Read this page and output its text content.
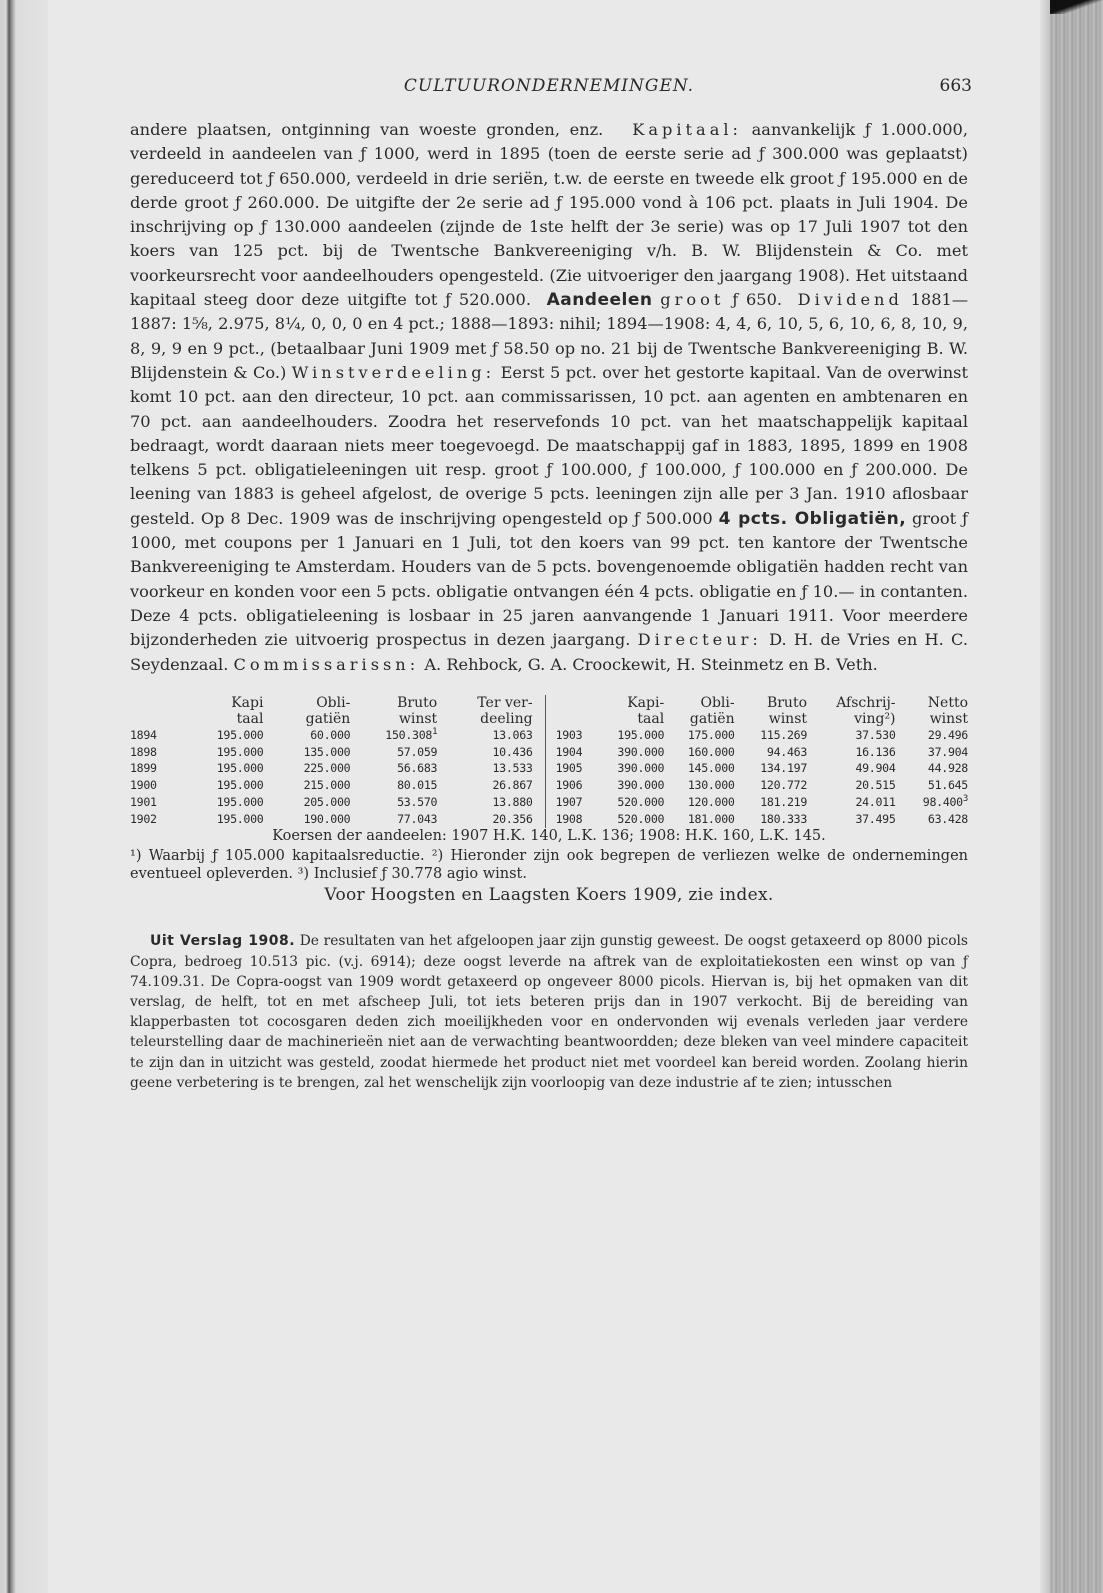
CULTUURONDERNEMINGEN.	663

andere plaatsen, ontginning van woeste gronden, enz. Kapitaal: aanvankelijk ƒ 1.000.000, verdeeld in aandeelen van ƒ 1000, werd in 1895 (toen de eerste serie ad ƒ 300.000 was geplaatst) gereduceerd tot ƒ 650.000, verdeeld in drie seriën, t.w. de eerste en tweede elk groot ƒ 195.000 en de derde groot ƒ 260.000. De uitgifte der 2e serie ad ƒ 195.000 vond à 106 pct. plaats in Juli 1904. De inschrijving op ƒ 130.000 aandeelen (zijnde de 1ste helft der 3e serie) was op 17 Juli 1907 tot den koers van 125 pct. bij de Twentsche Bankvereeniging v/h. B. W. Blijdenstein & Co. met voorkeursrecht voor aandeelhouders opengesteld. (Zie uitvoeriger den jaargang 1908). Het uitstaand kapitaal steeg door deze uitgifte tot ƒ 520.000. Aandeelen groot ƒ 650. Dividend 1881—1887: 1⅝, 2.975, 8¼, 0, 0, 0 en 4 pct.; 1888—1893: nihil; 1894—1908: 4, 4, 6, 10, 5, 6, 10, 6, 8, 10, 9, 8, 9, 9 en 9 pct., (betaalbaar Juni 1909 met ƒ 58.50 op no. 21 bij de Twentsche Bankvereeniging B. W. Blijdenstein & Co.) Winstverdeeling: Eerst 5 pct. over het gestorte kapitaal. Van de overwinst komt 10 pct. aan den directeur, 10 pct. aan commissarissen, 10 pct. aan agenten en ambtenaren en 70 pct. aan aandeelhouders. Zoodra het reservefonds 10 pct. van het maatschappelijk kapitaal bedraagt, wordt daaraan niets meer toegevoegd. De maatschappij gaf in 1883, 1895, 1899 en 1908 telkens 5 pct. obligatieleeningen uit resp. groot ƒ 100.000, ƒ 100.000, ƒ 100.000 en ƒ 200.000. De leening van 1883 is geheel afgelost, de overige 5 pcts. leeningen zijn alle per 3 Jan. 1910 aflosbaar gesteld. Op 8 Dec. 1909 was de inschrijving opengesteld op ƒ 500.000 4 pcts. Obligatiën, groot ƒ 1000, met coupons per 1 Januari en 1 Juli, tot den koers van 99 pct. ten kantore der Twentsche Bankvereeniging te Amsterdam. Houders van de 5 pcts. bovengenoemde obligatiën hadden recht van voorkeur en konden voor een 5 pcts. obligatie ontvangen één 4 pcts. obligatie en ƒ 10.— in contanten. Deze 4 pcts. obligatieleening is losbaar in 25 jaren aanvangende 1 Januari 1911. Voor meerdere bijzonderheden zie uitvoerig prospectus in dezen jaargang. Directeur: D. H. de Vries en H. C. Seydenzaal. Commissarissn: A. Rehbock, G. A. Croockewit, H. Steinmetz en B. Veth.

	Kapi	Obli-	Bruto	Ter ver-
	taal	gatiën	winst	deeling
1894	195.000	60.000	150.308$^1$	13.063
1898	195.000	135.000	57.059	10.436
1899	195.000	225.000	56.683	13.533
1900	195.000	215.000	80.015	26.867
1901	195.000	205.000	53.570	13.880
1902	195.000	190.000	77.043	20.356
	Kapi-	Obli-	Bruto	Afschrij-	Netto
	taal	gatiën	winst	ving²)	winst
1903	195.000	175.000	115.269	37.530	29.496
1904	390.000	160.000	94.463	16.136	37.904
1905	390.000	145.000	134.197	49.904	44.928
1906	390.000	130.000	120.772	20.515	51.645
1907	520.000	120.000	181.219	24.011	98.400$^3$
1908	520.000	181.000	180.333	37.495	63.428
Koersen der aandeelen: 1907 H.K. 140, L.K. 136; 1908: H.K. 160, L.K. 145.
¹) Waarbij ƒ 105.000 kapitaalsreductie. ²) Hieronder zijn ook begrepen de verliezen welke de ondernemingen eventueel opleverden. ³) Inclusief ƒ 30.778 agio winst.
Voor Hoogsten en Laagsten Koers 1909, zie index.
Uit Verslag 1908. De resultaten van het afgeloopen jaar zijn gunstig geweest. De oogst getaxeerd op 8000 picols Copra, bedroeg 10.513 pic. (v.j. 6914); deze oogst leverde na aftrek van de exploitatiekosten een winst op van ƒ 74.109.31. De Copra-oogst van 1909 wordt getaxeerd op ongeveer 8000 picols. Hiervan is, bij het opmaken van dit verslag, de helft, tot en met afscheep Juli, tot iets beteren prijs dan in 1907 verkocht. Bij de bereiding van klapperbasten tot cocosgaren deden zich moeilijkheden voor en ondervonden wij evenals verleden jaar verdere teleurstelling daar de machinerieën niet aan de verwachting beantwoordden; deze bleken van veel mindere capaciteit te zijn dan in uitzicht was gesteld, zoodat hiermede het product niet met voordeel kan bereid worden. Zoolang hierin geene verbetering is te brengen, zal het wenschelijk zijn voorloopig van deze industrie af te zien; intusschen
